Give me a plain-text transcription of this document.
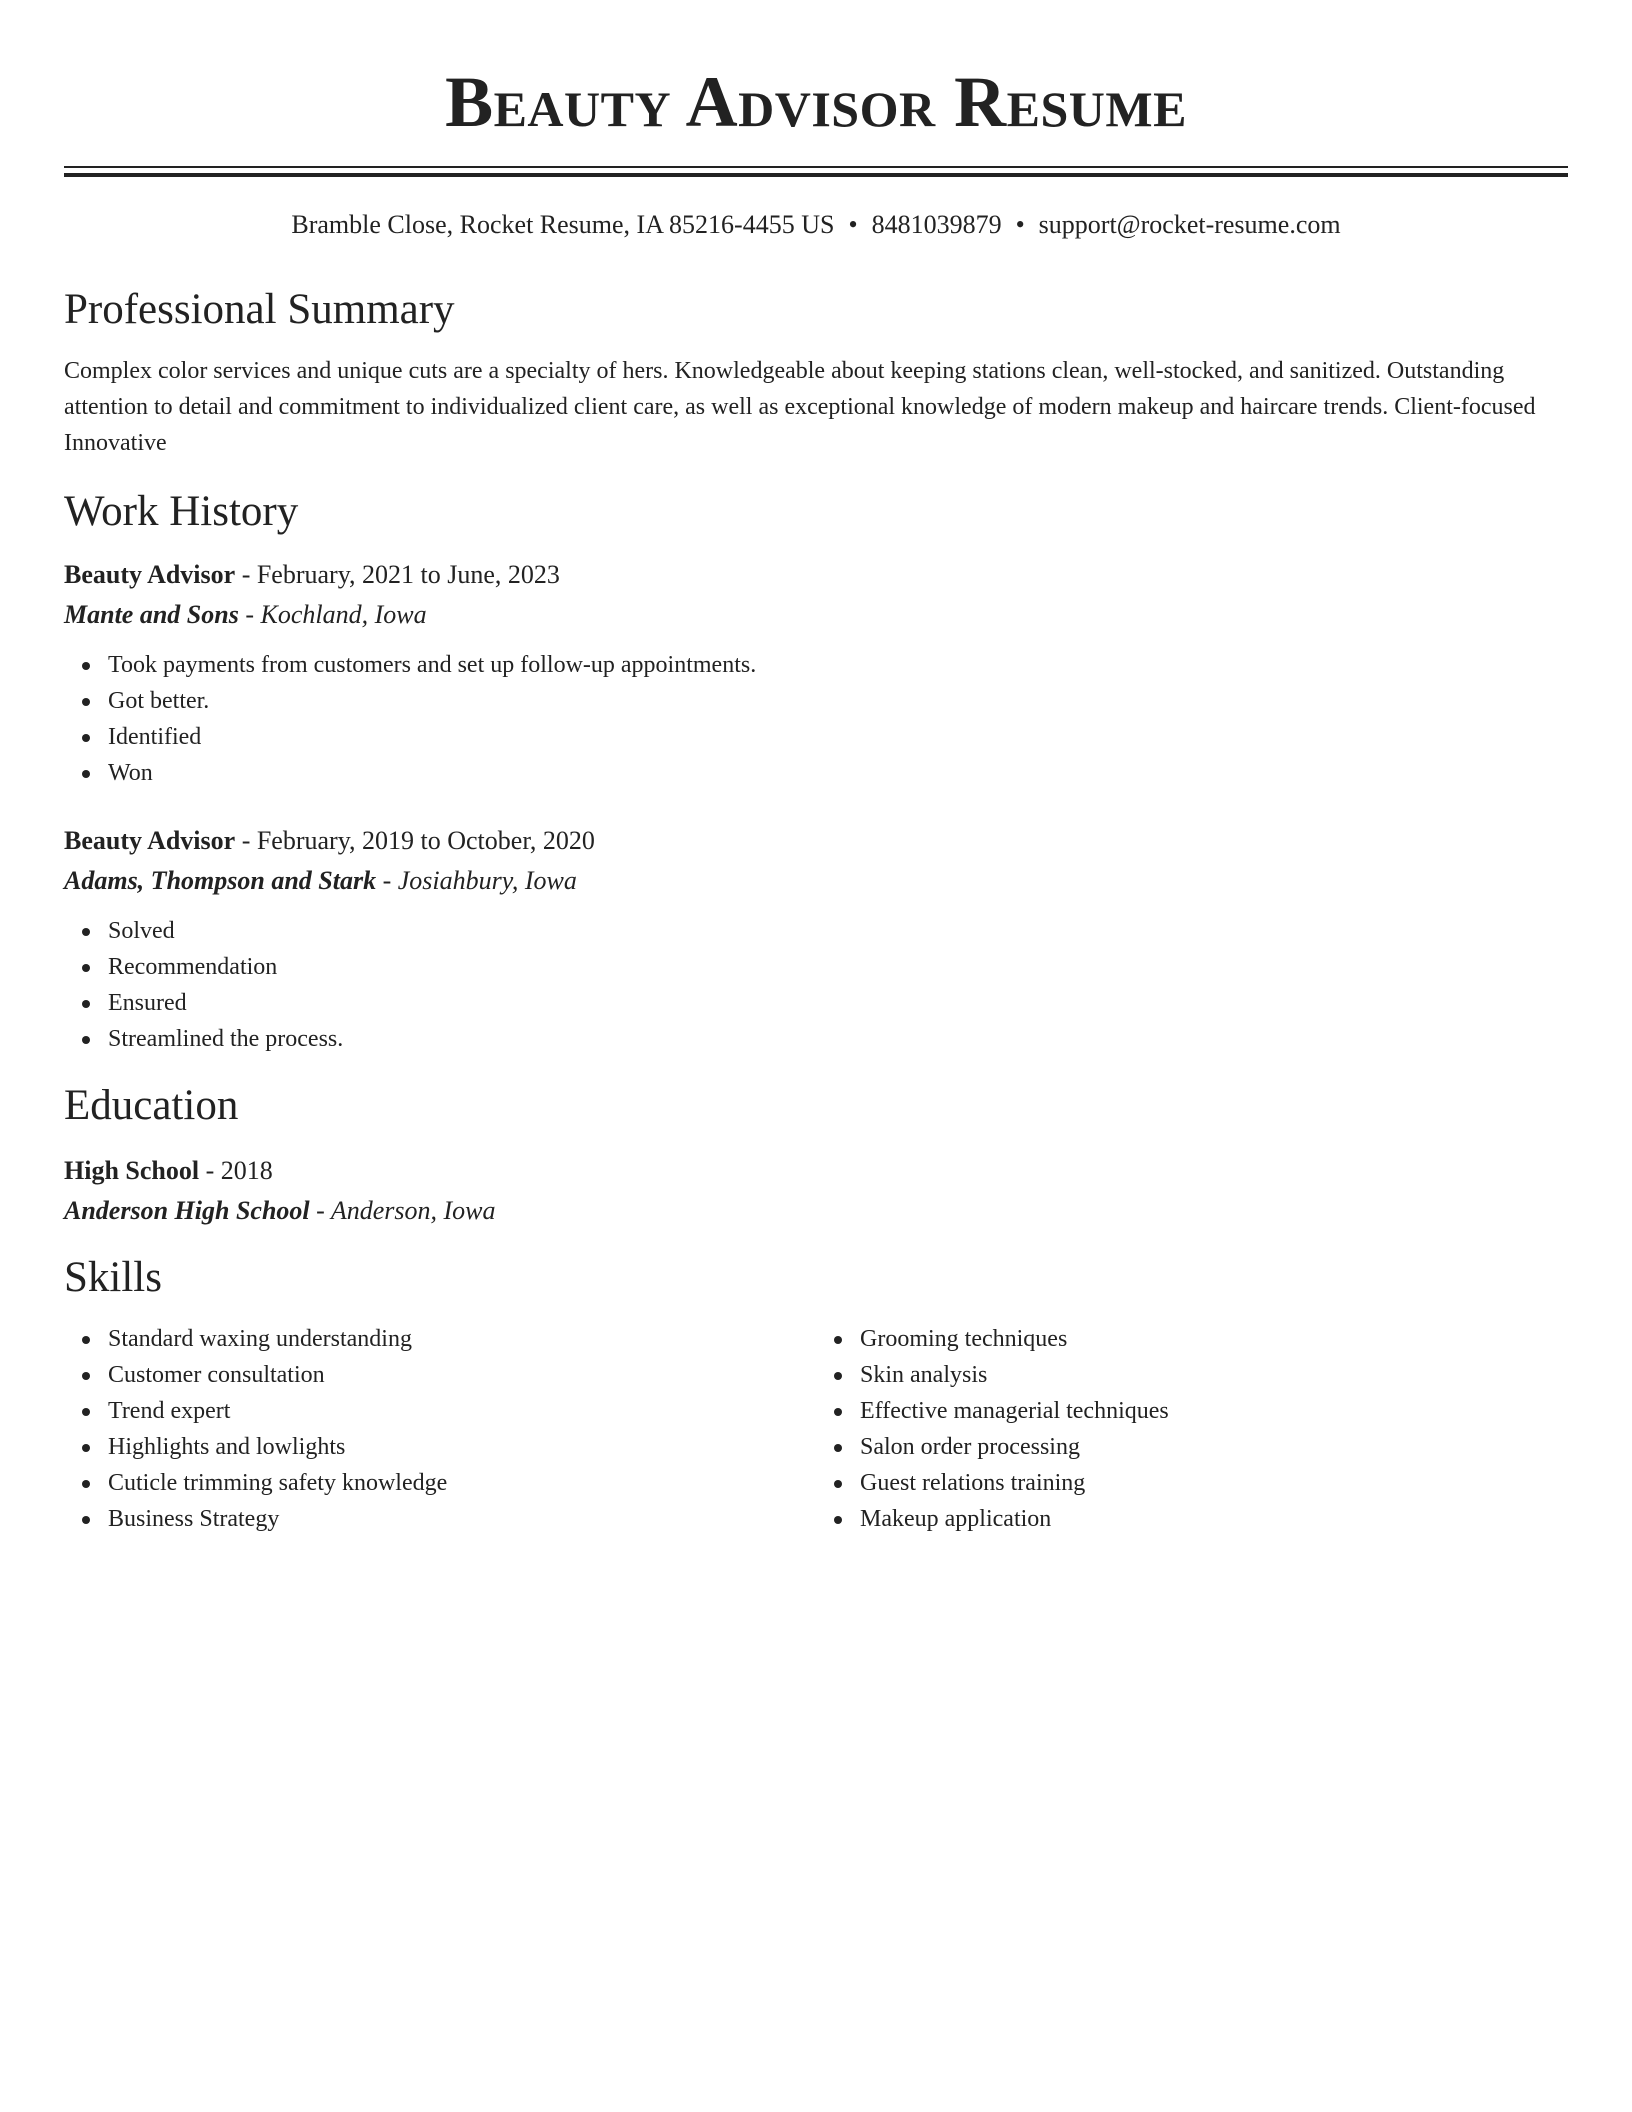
Beauty Advisor Resume
Bramble Close, Rocket Resume, IA 85216-4455 US • 8481039879 • support@rocket-resume.com
Professional Summary
Complex color services and unique cuts are a specialty of hers. Knowledgeable about keeping stations clean, well-stocked, and sanitized. Outstanding attention to detail and commitment to individualized client care, as well as exceptional knowledge of modern makeup and haircare trends. Client-focused Innovative
Work History
Beauty Advisor - February, 2021 to June, 2023
Mante and Sons - Kochland, Iowa
Took payments from customers and set up follow-up appointments.
Got better.
Identified
Won
Beauty Advisor - February, 2019 to October, 2020
Adams, Thompson and Stark - Josiahbury, Iowa
Solved
Recommendation
Ensured
Streamlined the process.
Education
High School - 2018
Anderson High School - Anderson, Iowa
Skills
Standard waxing understanding
Customer consultation
Trend expert
Highlights and lowlights
Cuticle trimming safety knowledge
Business Strategy
Grooming techniques
Skin analysis
Effective managerial techniques
Salon order processing
Guest relations training
Makeup application
